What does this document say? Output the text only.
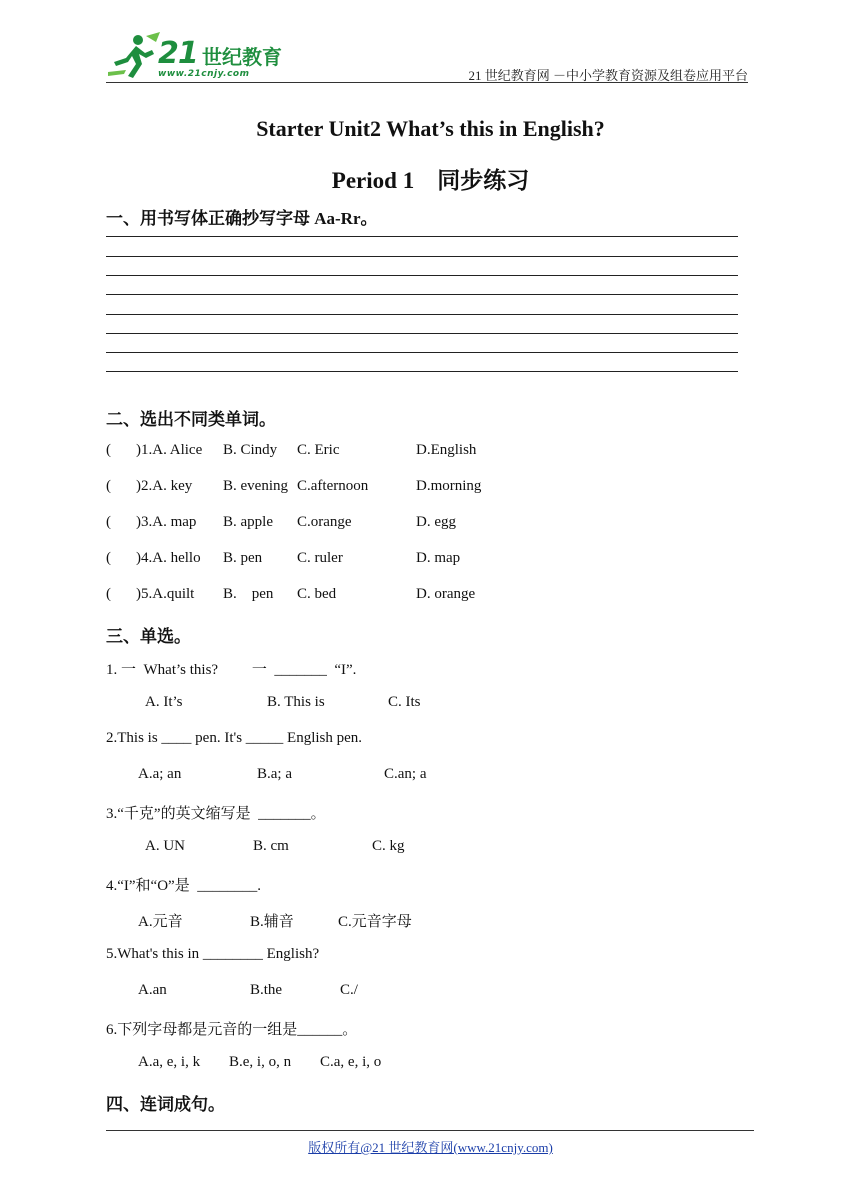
21 世纪教育
www.21cnjy.com	21 世纪教育网 －中小学教育资源及组卷应用平台
Starter Unit2 What’s this in English?
Period 1    同步练习
一、用书写体正确抄写字母 Aa-Rr。
二、选出不同类单词。
( )1.A. Alice B. Cindy C. Eric	D.English
( )2.A. key B. evening C.afternoon	D.morning
( )3.A. map B. apple C.orange	D. egg
( )4.A. hello B. pen C. ruler	D. map
( )5.A.quilt B.    pen C. bed	D. orange
三、单选。
1. 一  What’s this?         一  _______  “I”.
A. It’s	B. This is	C. Its
2.This is ____ pen. It's _____ English pen.
A.a; an	B.a; a	C.an; a
3.“千克”的英文缩写是  _______。
A. UN	B. cm	C. kg
4.“I”和“O”是  ________.
A.元音	B.辅音	C.元音字母
5.What's this in ________ English?
A.an	B.the	C./
6.下列字母都是元音的一组是______。
A.a, e, i, k B.e, i, o, n C.a, e, i, o
四、连词成句。
版权所有@21 世纪教育网(www.21cnjy.com)
